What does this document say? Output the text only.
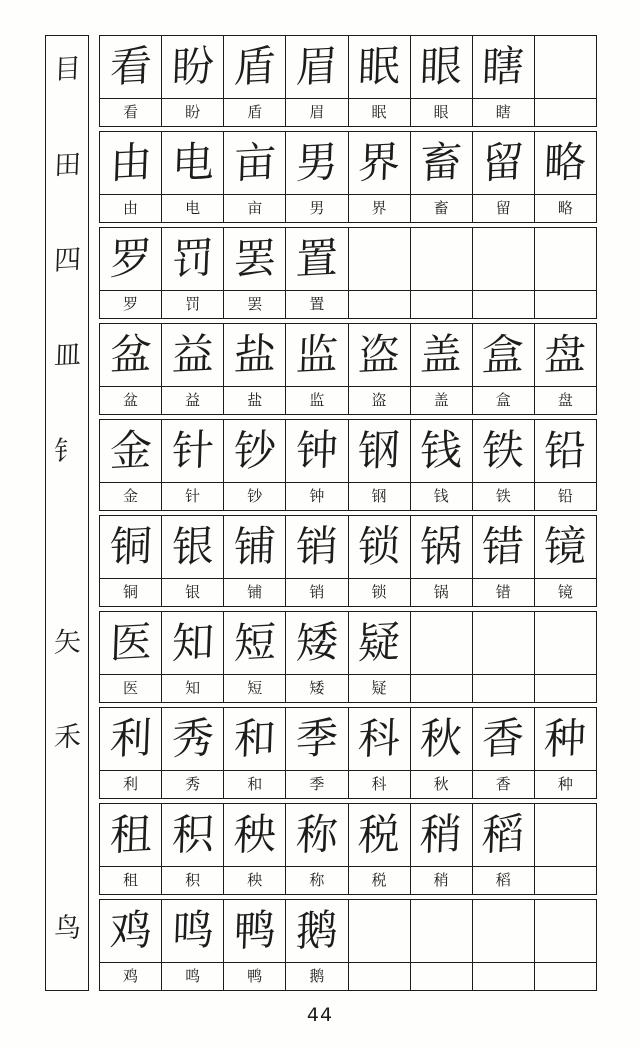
目
田
四
皿
钅
矢
禾
鸟
看 盼 盾 眉 眠 眼 瞎
看	盼	盾	眉	眠	眼	瞎
由 电 亩 男 界 畜 留 略
由	电	亩	男	界	畜	留	略
罗 罚 罢 置
罗	罚	罢	置
盆 益 盐 监 盗 盖 盒 盘
盆	益	盐	监	盗	盖	盒	盘
金 针 钞 钟 钢 钱 铁 铅
金	针	钞	钟	钢	钱	铁	铅
铜 银 铺 销 锁 锅 错 镜
铜	银	铺	销	锁	锅	错	镜
医 知 短 矮 疑
医	知	短	矮	疑
利 秀 和 季 科 秋 香 种
利	秀	和	季	科	秋	香	种
租 积 秧 称 税 稍 稻
租	积	秧	称	税	稍	稻
鸡 鸣 鸭 鹅
鸡	鸣	鸭	鹅
44
